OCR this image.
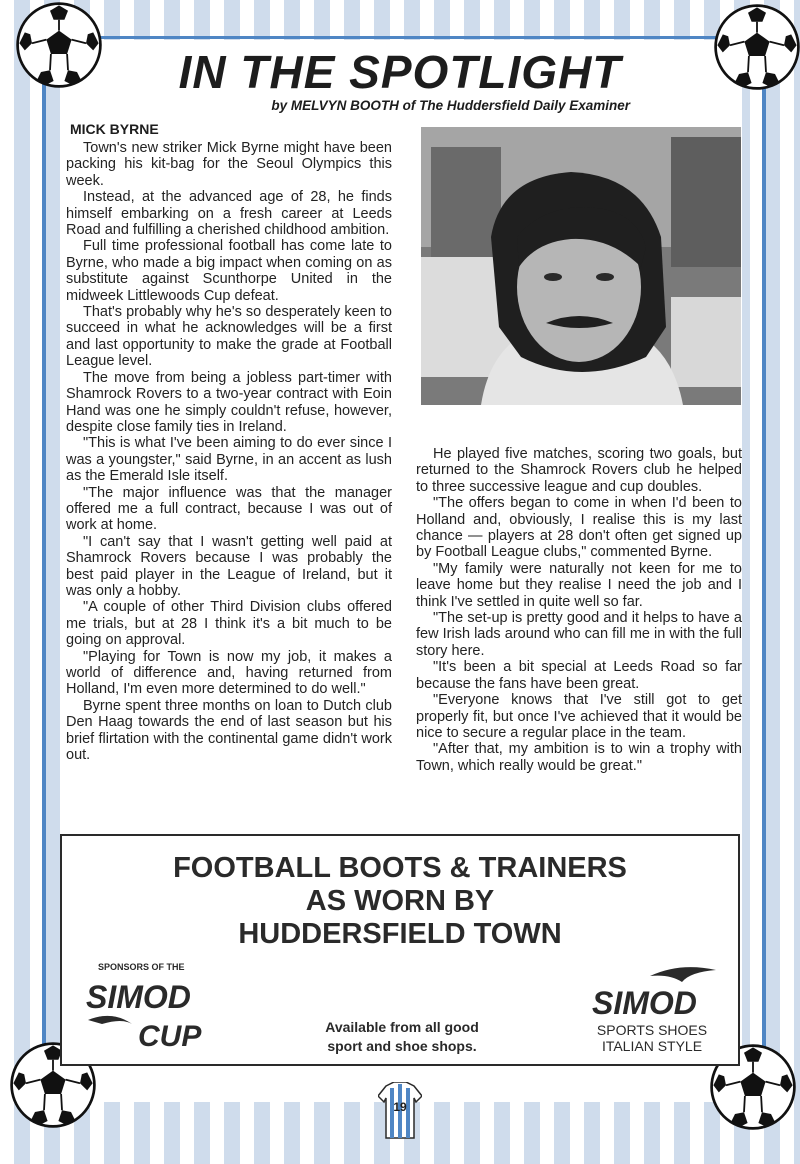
IN THE SPOTLIGHT
by MELVYN BOOTH of The Huddersfield Daily Examiner
MICK BYRNE

Town's new striker Mick Byrne might have been packing his kit-bag for the Seoul Olympics this week.

Instead, at the advanced age of 28, he finds himself embarking on a fresh career at Leeds Road and fulfilling a cherished childhood ambition.

Full time professional football has come late to Byrne, who made a big impact when coming on as substitute against Scunthorpe United in the midweek Littlewoods Cup defeat.

That's probably why he's so desperately keen to succeed in what he acknowledges will be a first and last opportunity to make the grade at Football League level.

The move from being a jobless part-timer with Shamrock Rovers to a two-year contract with Eoin Hand was one he simply couldn't refuse, however, despite close family ties in Ireland.

"This is what I've been aiming to do ever since I was a youngster," said Byrne, in an accent as lush as the Emerald Isle itself.

"The major influence was that the manager offered me a full contract, because I was out of work at home.

"I can't say that I wasn't getting well paid at Shamrock Rovers because I was probably the best paid player in the League of Ireland, but it was only a hobby.

"A couple of other Third Division clubs offered me trials, but at 28 I think it's a bit much to be going on approval.

"Playing for Town is now my job, it makes a world of difference and, having returned from Holland, I'm even more determined to do well."

Byrne spent three months on loan to Dutch club Den Haag towards the end of last season but his brief flirtation with the continental game didn't work out.

He played five matches, scoring two goals, but returned to the Shamrock Rovers club he helped to three successive league and cup doubles.

"The offers began to come in when I'd been to Holland and, obviously, I realise this is my last chance — players at 28 don't often get signed up by Football League clubs," commented Byrne.

"My family were naturally not keen for me to leave home but they realise I need the job and I think I've settled in quite well so far.

"The set-up is pretty good and it helps to have a few Irish lads around who can fill me in with the full story here.

"It's been a bit special at Leeds Road so far because the fans have been great.

"Everyone knows that I've still got to get properly fit, but once I've achieved that it would be nice to secure a regular place in the team.

"After that, my ambition is to win a trophy with Town, which really would be great."

FOOTBALL BOOTS & TRAINERS
AS WORN BY
HUDDERSFIELD TOWN
SPONSORS OF THE
SIMOD
CUP	Available from all good
sport and shoe shops.
SIMOD
SPORTS SHOES
ITALIAN STYLE
19
